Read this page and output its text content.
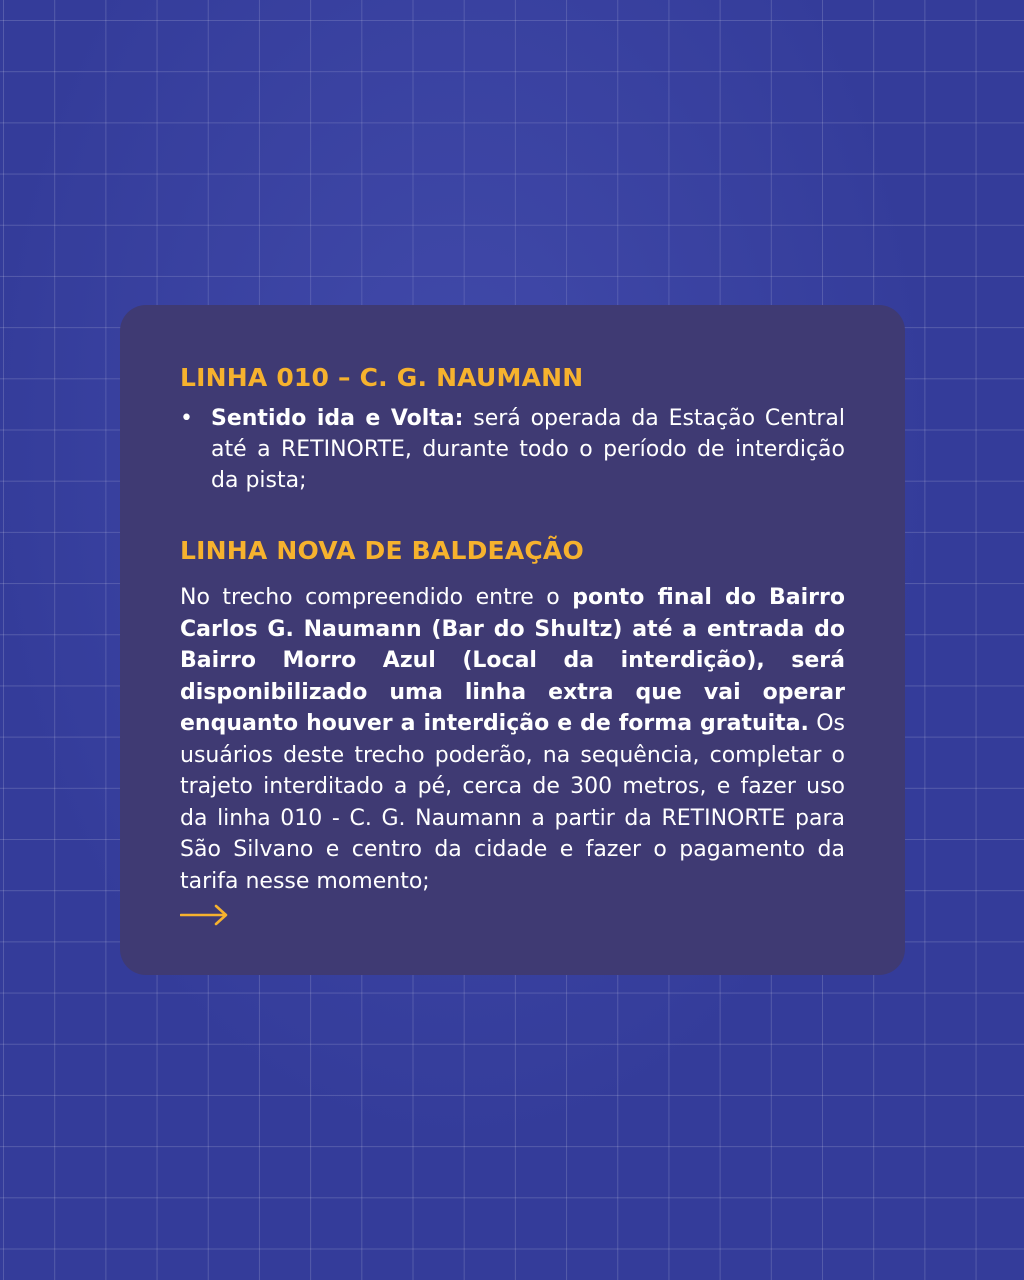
LINHA 010 – C. G. NAUMANN
• Sentido ida e Volta: será operada da Estação Central até a RETINORTE, durante todo o período de interdição da pista;
LINHA NOVA DE BALDEAÇÃO

No trecho compreendido entre o ponto final do Bairro Carlos G. Naumann (Bar do Shultz) até a entrada do Bairro Morro Azul (Local da interdição), será disponibilizado uma linha extra que vai operar enquanto houver a interdição e de forma gratuita. Os usuários deste trecho poderão, na sequência, completar o trajeto interditado a pé, cerca de 300 metros, e fazer uso da linha 010 - C. G. Naumann a partir da RETINORTE para São Silvano e centro da cidade e fazer o pagamento da tarifa nesse momento;
